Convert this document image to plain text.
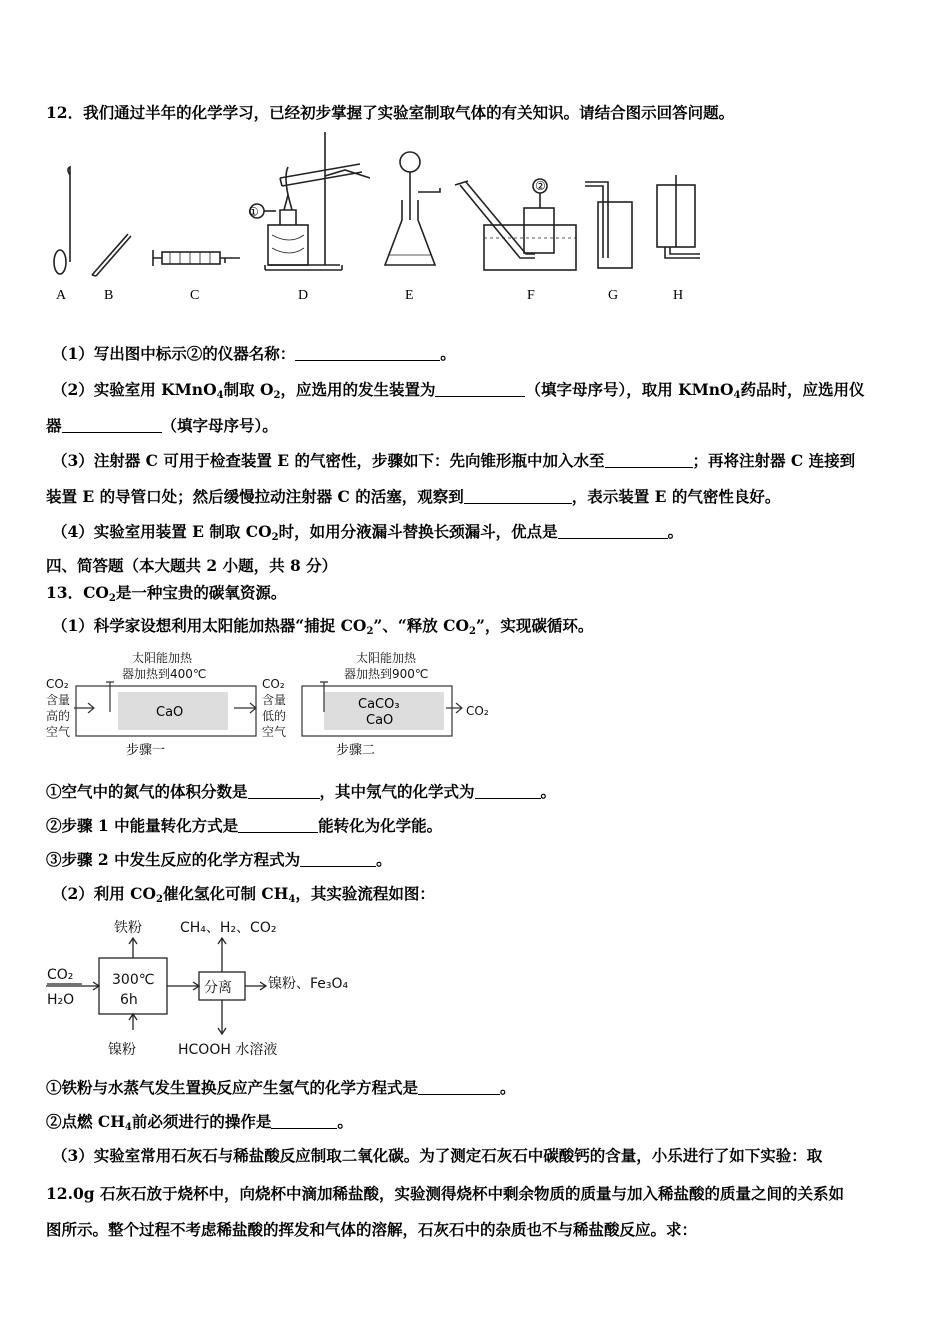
12．我们通过半年的化学学习，已经初步掌握了实验室制取气体的有关知识。请结合图示回答问题。
①
②
A	B	C	D	E	F	G	H
（1）写出图中标示②的仪器名称：	。
（2）实验室用 KMnO$_4$制取 $O_2$，应选用的发生装置为	（填字母序号），取用 KMnO$_4$药品时，应选用仪
器	（填字母序号）。
（3）注射器 C 可用于检查装置 E 的气密性，步骤如下：先向锥形瓶中加入水至	；再将注射器 C 连接到
装置 E 的导管口处；然后缓慢拉动注射器 C 的活塞，观察到	，表示装置 E 的气密性良好。
（4）实验室用装置 E 制取 $CO_2$时，如用分液漏斗替换长颈漏斗，优点是	。
四、简答题（本大题共 2 小题，共 8 分）
13．$CO_2$是一种宝贵的碳氧资源。
（1）科学家设想利用太阳能加热器“捕捉 $CO_2$”、“释放 $CO_2$”，实现碳循环。
CO₂
含量
高的
空气
太阳能加热
器加热到400℃
CO₂
含量
低的
空气
太阳能加热
器加热到900℃
CO₂
CaO
CaCO₃
CaO
步骤一	步骤二
①空气中的氮气的体积分数是	，其中氖气的化学式为	。
②步骤 1 中能量转化方式是	能转化为化学能。
③步骤 2 中发生反应的化学方程式为	。
（2）利用 $CO_2$催化氢化可制 $CH_4$，其实验流程如图：
CO₂
H₂O
铁粉	CH₄、H₂、CO₂
镍粉
镍粉、Fe₃O₄
HCOOH 水溶液
300℃
6h
分离
①铁粉与水蒸气发生置换反应产生氢气的化学方程式是	。
②点燃 $CH_4$前必须进行的操作是	。
（3）实验室常用石灰石与稀盐酸反应制取二氧化碳。为了测定石灰石中碳酸钙的含量，小乐进行了如下实验：取
12.0g 石灰石放于烧杯中，向烧杯中滴加稀盐酸，实验测得烧杯中剩余物质的质量与加入稀盐酸的质量之间的关系如
图所示。整个过程不考虑稀盐酸的挥发和气体的溶解，石灰石中的杂质也不与稀盐酸反应。求：
